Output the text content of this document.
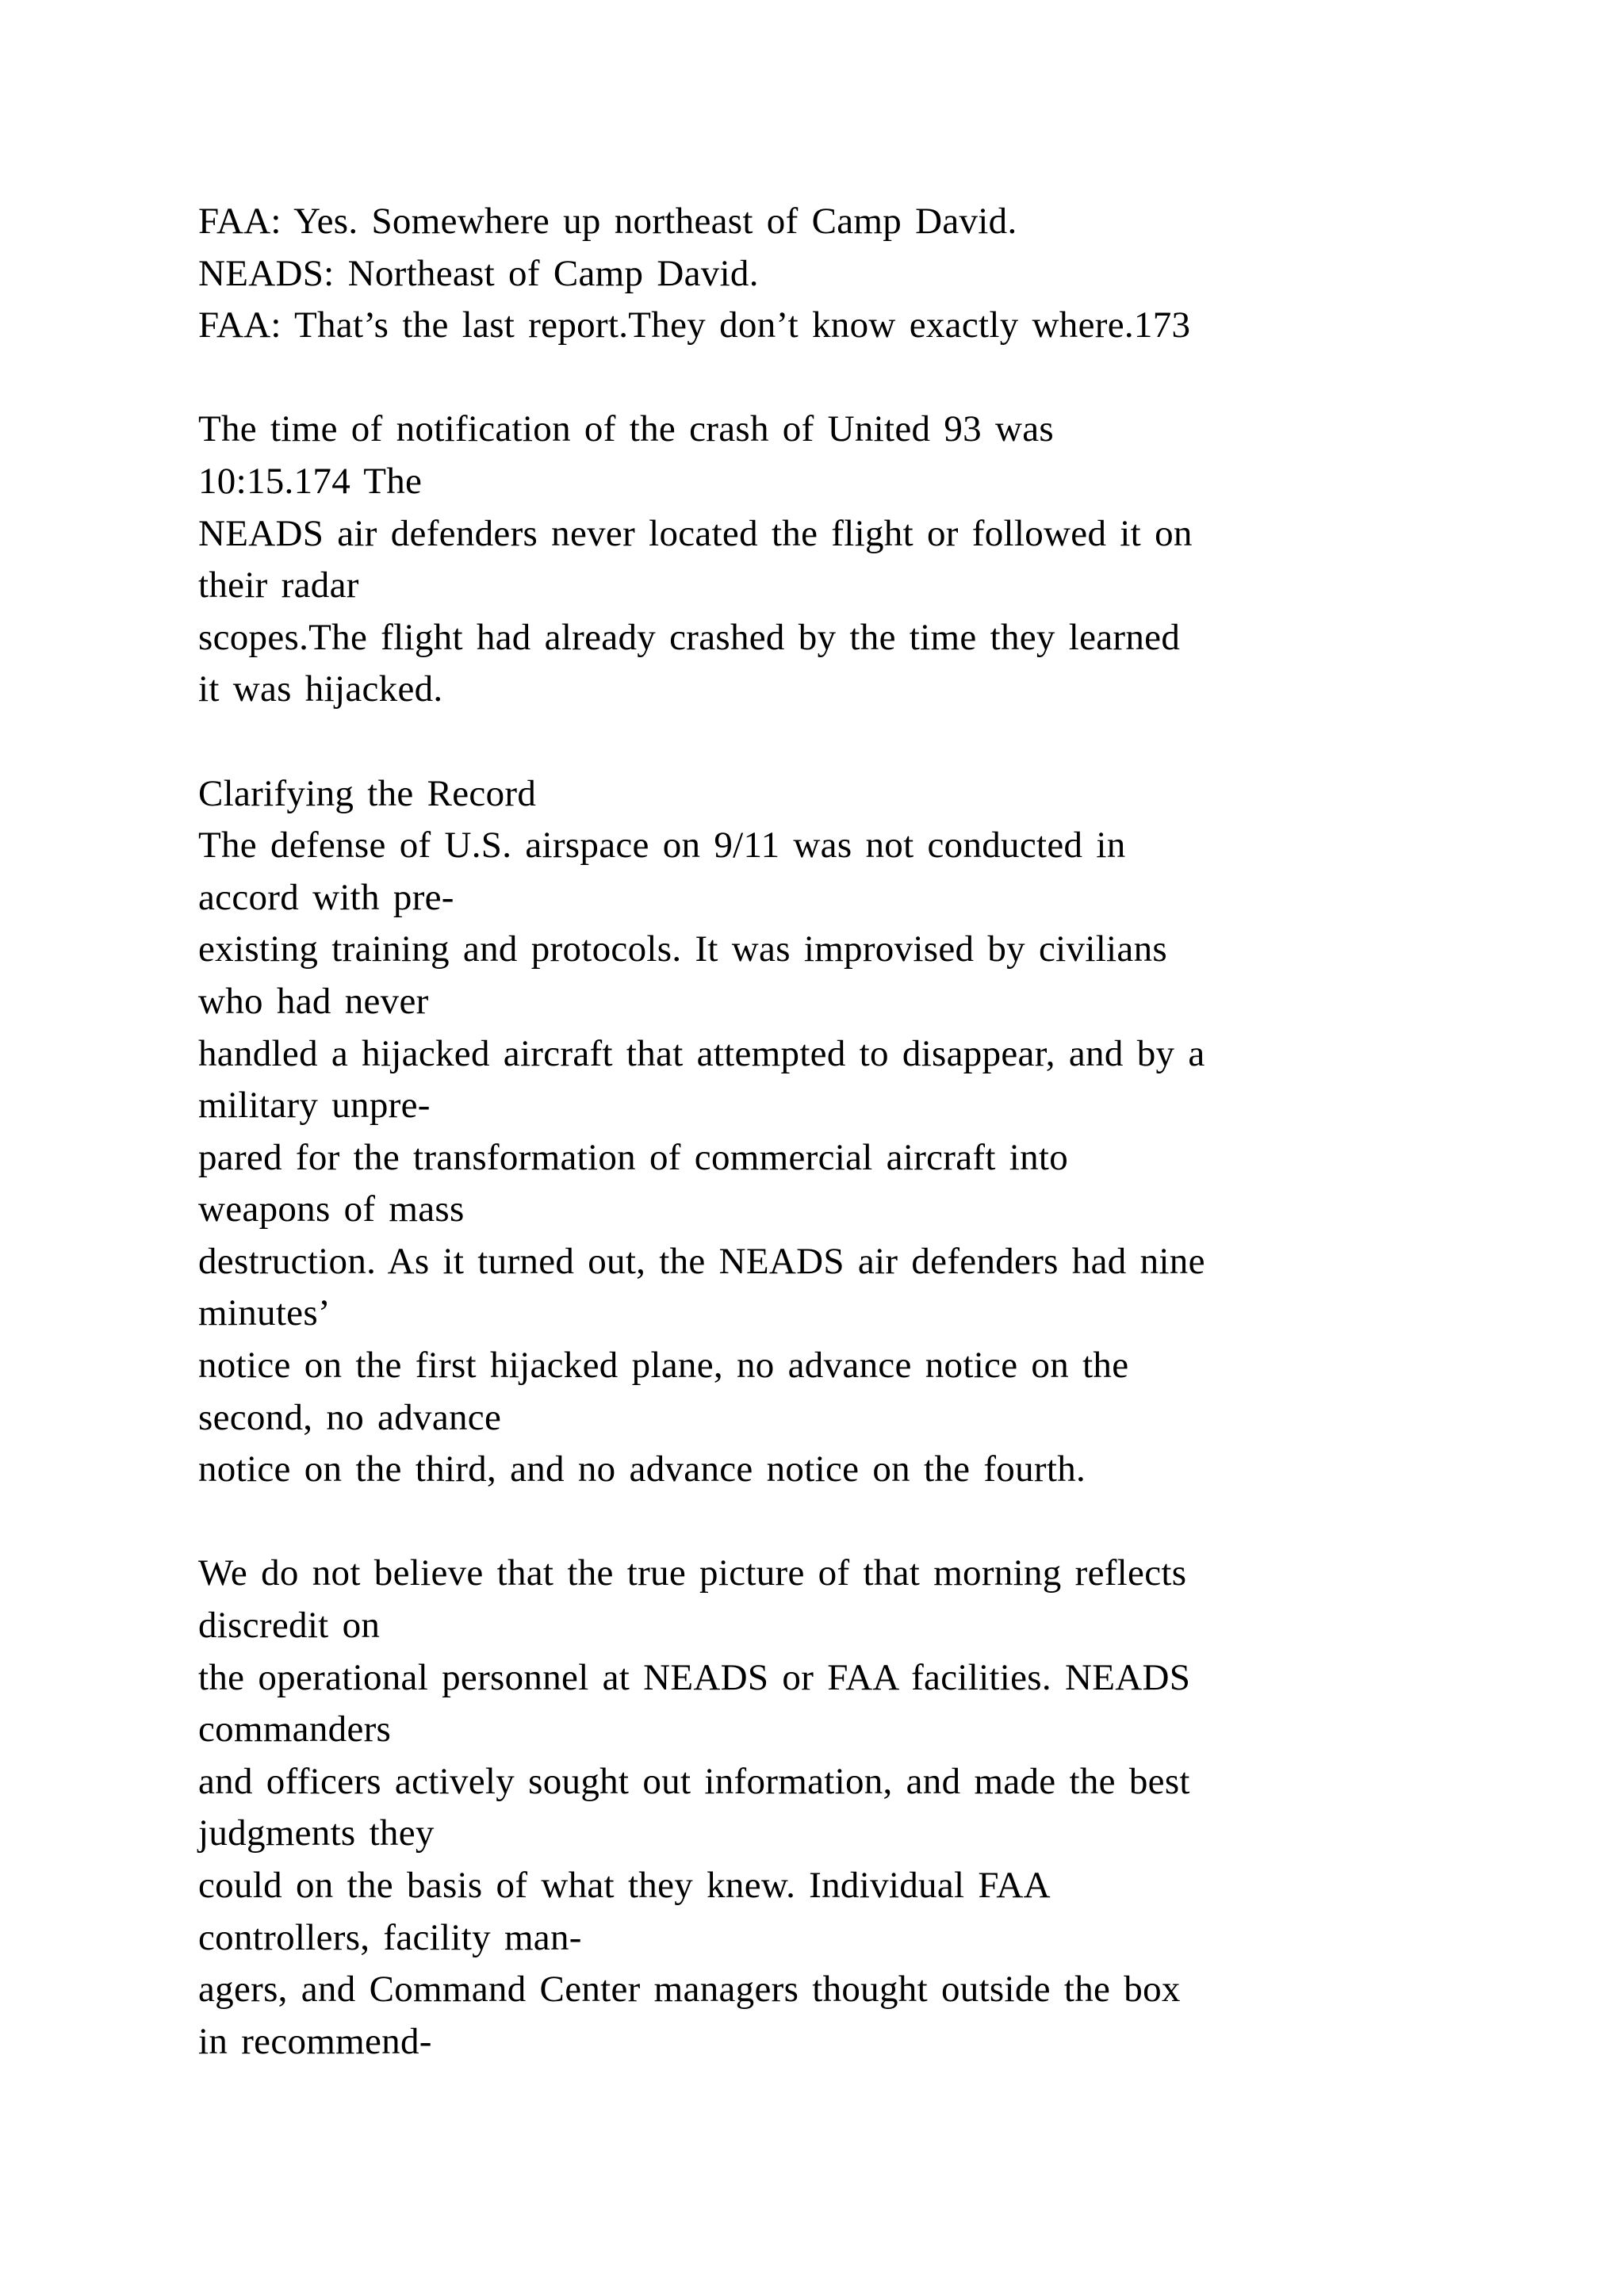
FAA: Yes. Somewhere up northeast of Camp David.
NEADS: Northeast of Camp David.
FAA: That’s the last report.They don’t know exactly where.173
The time of notification of the crash of United 93 was
10:15.174 The
NEADS air defenders never located the flight or followed it on
their radar
scopes.The flight had already crashed by the time they learned
it was hijacked.
Clarifying the Record
The defense of U.S. airspace on 9/11 was not conducted in
accord with pre-
existing training and protocols. It was improvised by civilians
who had never
handled a hijacked aircraft that attempted to disappear, and by a
military unpre-
pared for the transformation of commercial aircraft into
weapons of mass
destruction. As it turned out, the NEADS air defenders had nine
minutes’
notice on the first hijacked plane, no advance notice on the
second, no advance
notice on the third, and no advance notice on the fourth.
We do not believe that the true picture of that morning reflects
discredit on
the operational personnel at NEADS or FAA facilities. NEADS
commanders
and officers actively sought out information, and made the best
judgments they
could on the basis of what they knew. Individual FAA
controllers, facility man-
agers, and Command Center managers thought outside the box
in recommend-
